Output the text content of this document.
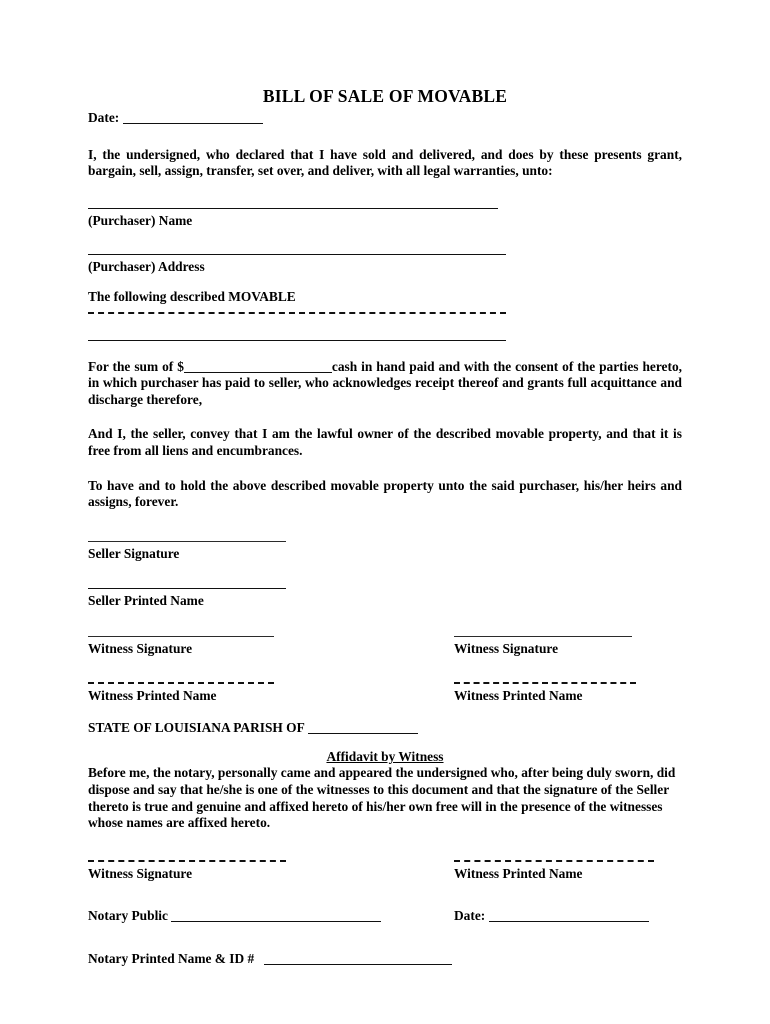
BILL OF SALE OF MOVABLE
Date:
I, the undersigned, who declared that I have sold and delivered, and does by these presents grant, bargain, sell, assign, transfer, set over, and deliver, with all legal warranties, unto:
(Purchaser) Name
(Purchaser) Address
The following described MOVABLE
For the sum of $	cash in hand paid and with the consent of the parties hereto, in which purchaser has paid to seller, who acknowledges receipt thereof and grants full acquittance and discharge therefore,
And I, the seller, convey that I am the lawful owner of the described movable property, and that it is free from all liens and encumbrances.
To have and to hold the above described movable property unto the said purchaser, his/her heirs and assigns, forever.
Seller Signature
Seller Printed Name
Witness Signature	Witness Signature
Witness Printed Name	Witness Printed Name
STATE OF LOUISIANA PARISH OF
Affidavit by Witness
Before me, the notary, personally came and appeared the undersigned who, after being duly sworn, did dispose and say that he/she is one of the witnesses to this document and that the signature of the Seller thereto is true and genuine and affixed hereto of his/her own free will in the presence of the witnesses whose names are affixed hereto.
Witness Signature	Witness Printed Name
Notary Public	Date:
Notary Printed Name & ID #
